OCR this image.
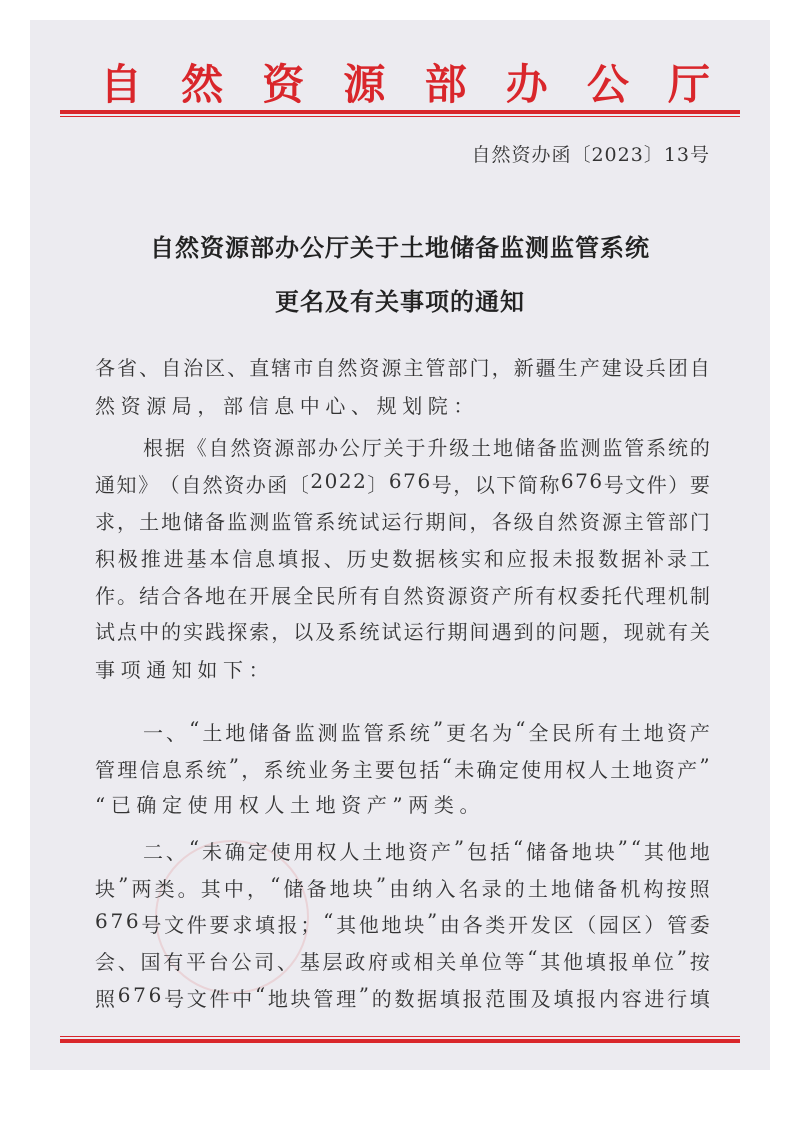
自 然 资 源 部 办 公 厅
自然资办函〔2023〕13号
自然资源部办公厅关于土地储备监测监管系统
更名及有关事项的通知
各 省 、 自 治 区 、 直 辖 市 自 然 资 源 主 管 部 门 ， 新 疆 生 产 建 设 兵 团 自
然资源局，部信息中心、规划院：
根 据 《 自 然 资 源 部 办 公 厅 关 于 升 级 土 地 储 备 监 测 监 管 系 统 的
通 知 》 （ 自 然 资 办 函 〔 2 0 2 2 〕 6 7 6 号 ， 以 下 简 称 6 7 6 号 文 件 ） 要
求 ， 土 地 储 备 监 测 监 管 系 统 试 运 行 期 间 ， 各 级 自 然 资 源 主 管 部 门
积 极 推 进 基 本 信 息 填 报 、 历 史 数 据 核 实 和 应 报 未 报 数 据 补 录 工
作 。 结 合 各 地 在 开 展 全 民 所 有 自 然 资 源 资 产 所 有 权 委 托 代 理 机 制
试 点 中 的 实 践 探 索 ， 以 及 系 统 试 运 行 期 间 遇 到 的 问 题 ， 现 就 有 关
事项通知如下：
一 、 “ 土 地 储 备 监 测 监 管 系 统 ” 更 名 为 “ 全 民 所 有 土 地 资 产
管 理 信 息 系 统 ” ， 系 统 业 务 主 要 包 括 “ 未 确 定 使 用 权 人 土 地 资 产 ”
“已确定使用权人土地资产”两类。
二 、 “ 未 确 定 使 用 权 人 土 地 资 产 ” 包 括 “ 储 备 地 块 ” “ 其 他 地
块 ” 两 类 。 其 中 ， “ 储 备 地 块 ” 由 纳 入 名 录 的 土 地 储 备 机 构 按 照
6 7 6 号 文 件 要 求 填 报 ； “ 其 他 地 块 ” 由 各 类 开 发 区 （ 园 区 ） 管 委
会 、 国 有 平 台 公 司 、 基 层 政 府 或 相 关 单 位 等 “ 其 他 填 报 单 位 ” 按
照 6 7 6 号 文 件 中 “ 地 块 管 理 ” 的 数 据 填 报 范 围 及 填 报 内 容 进 行 填
